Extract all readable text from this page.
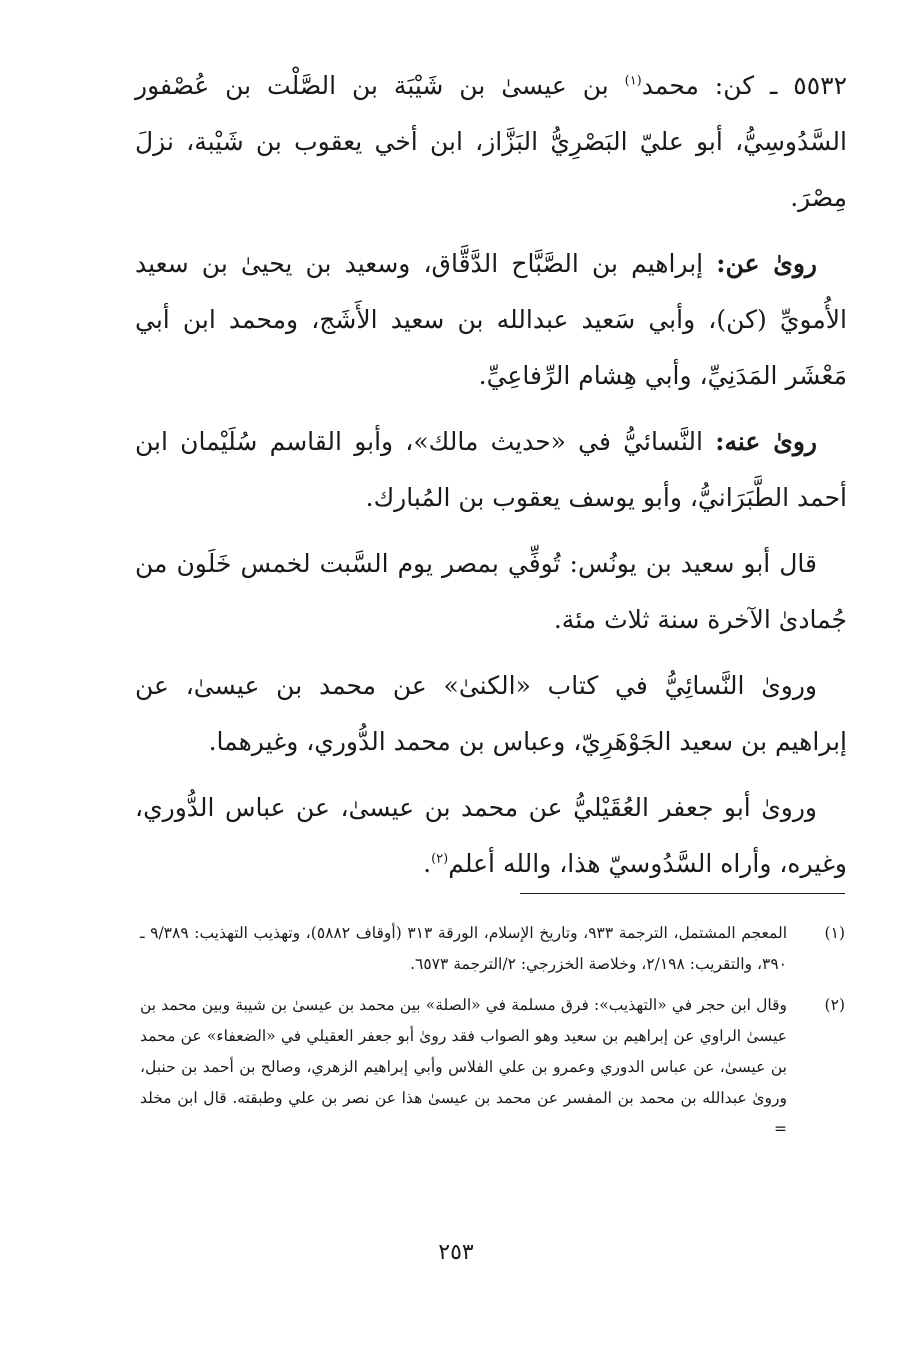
٥٥٣٢ ـ كن: محمد$^{(١)}$ بن عيسىٰ بن شَيْبَة بن الصَّلْت بن عُصْفور السَّدُوسِيُّ، أبو عليّ البَصْرِيُّ البَزَّاز، ابن أخي يعقوب بن شَيْبة، نزلَ مِصْرَ.

روىٰ عن: إبراهيم بن الصَّبَّاح الدَّقَّاق، وسعيد بن يحيىٰ بن سعيد الأُمويِّ (كن)، وأبي سَعيد عبدالله بن سعيد الأَشَج، ومحمد ابن أبي مَعْشَر المَدَنِيِّ، وأبي هِشام الرِّفاعِيِّ.

روىٰ عنه: النَّسائيُّ في «حديث مالك»، وأبو القاسم سُلَيْمان ابن أحمد الطَّبَرَانيُّ، وأبو يوسف يعقوب بن المُبارك.

قال أبو سعيد بن يونُس: تُوفِّي بمصر يوم السَّبت لخمس خَلَون من جُمادىٰ الآخرة سنة ثلاث مئة.

وروىٰ النَّسائِيُّ في كتاب «الكنىٰ» عن محمد بن عيسىٰ، عن إبراهيم بن سعيد الجَوْهَرِيّ، وعباس بن محمد الدُّوري، وغيرهما.

وروىٰ أبو جعفر العُقَيْليُّ عن محمد بن عيسىٰ، عن عباس الدُّوري، وغيره، وأراه السَّدُوسيّ هذا، والله أعلم$^{(٢)}$.

(١)
المعجم المشتمل، الترجمة ٩٣٣، وتاريخ الإسلام، الورقة ٣١٣ (أوقاف ٥٨٨٢)، وتهذيب التهذيب: ٩/٣٨٩ ـ ٣٩٠، والتقريب: ٢/١٩٨، وخلاصة الخزرجي: ٢/الترجمة ٦٥٧٣.
(٢)
وقال ابن حجر في «التهذيب»: فرق مسلمة في «الصلة» بين محمد بن عيسىٰ بن شيبة وبين محمد بن عيسىٰ الراوي عن إبراهيم بن سعيد وهو الصواب فقد روىٰ أبو جعفر العقيلي في «الضعفاء» عن محمد بن عيسىٰ، عن عباس الدوري وعمرو بن علي الفلاس وأبي إبراهيم الزهري، وصالح بن أحمد بن حنبل، وروىٰ عبدالله بن محمد بن المفسر عن محمد بن عيسىٰ هذا عن نصر بن علي وطبقته. قال ابن مخلد =
٢٥٣
